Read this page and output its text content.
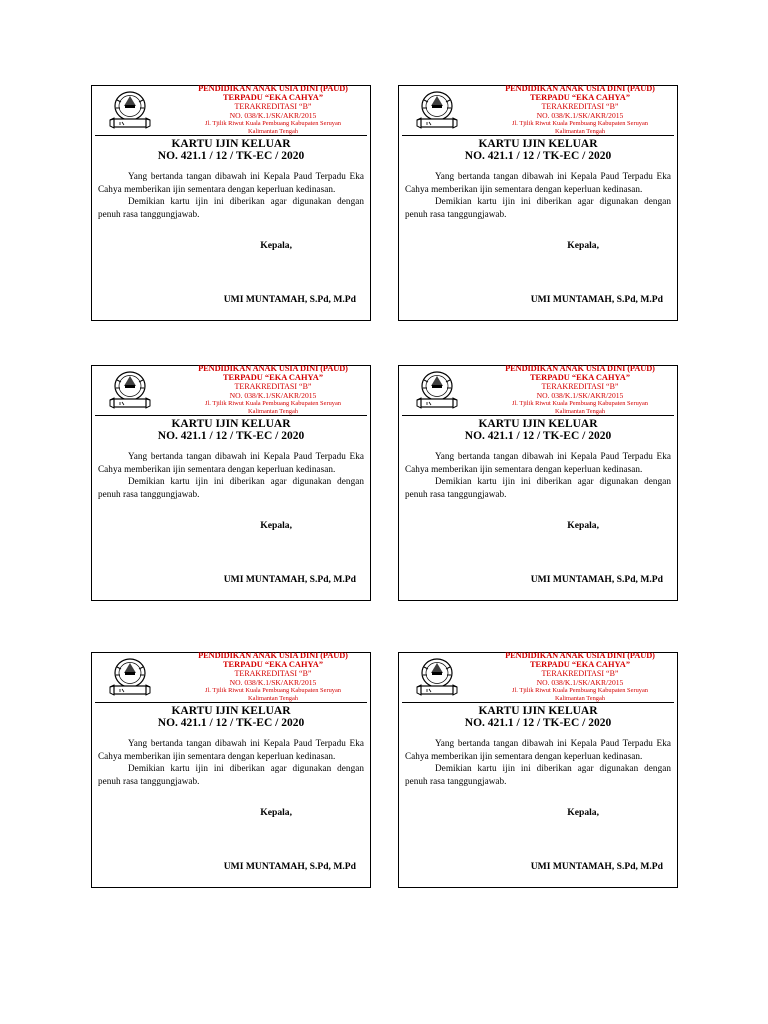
PENDIDIKAN ANAK USIA DINI (PAUD)
TERPADU “EKA CAHYA”
TERAKREDITASI “B”
NO. 038/K.1/SK/AKR/2015
Jl. Tjilik Riwut Kuala Pembuang Kabupaten Seruyan
Kalimantan Tengah
KARTU IJIN KELUAR
NO. 421.1 / 12 / TK-EC / 2020

Yang bertanda tangan dibawah ini Kepala Paud Terpadu Eka Cahya memberikan ijin sementara dengan keperluan kedinasan.

Demikian kartu ijin ini diberikan agar digunakan dengan penuh rasa tanggungjawab.

Kepala,
UMI MUNTAMAH, S.Pd, M.Pd
PENDIDIKAN ANAK USIA DINI (PAUD)
TERPADU “EKA CAHYA”
TERAKREDITASI “B”
NO. 038/K.1/SK/AKR/2015
Jl. Tjilik Riwut Kuala Pembuang Kabupaten Seruyan
Kalimantan Tengah
KARTU IJIN KELUAR
NO. 421.1 / 12 / TK-EC / 2020

Yang bertanda tangan dibawah ini Kepala Paud Terpadu Eka Cahya memberikan ijin sementara dengan keperluan kedinasan.

Demikian kartu ijin ini diberikan agar digunakan dengan penuh rasa tanggungjawab.

Kepala,
UMI MUNTAMAH, S.Pd, M.Pd
PENDIDIKAN ANAK USIA DINI (PAUD)
TERPADU “EKA CAHYA”
TERAKREDITASI “B”
NO. 038/K.1/SK/AKR/2015
Jl. Tjilik Riwut Kuala Pembuang Kabupaten Seruyan
Kalimantan Tengah
KARTU IJIN KELUAR
NO. 421.1 / 12 / TK-EC / 2020

Yang bertanda tangan dibawah ini Kepala Paud Terpadu Eka Cahya memberikan ijin sementara dengan keperluan kedinasan.

Demikian kartu ijin ini diberikan agar digunakan dengan penuh rasa tanggungjawab.

Kepala,
UMI MUNTAMAH, S.Pd, M.Pd
PENDIDIKAN ANAK USIA DINI (PAUD)
TERPADU “EKA CAHYA”
TERAKREDITASI “B”
NO. 038/K.1/SK/AKR/2015
Jl. Tjilik Riwut Kuala Pembuang Kabupaten Seruyan
Kalimantan Tengah
KARTU IJIN KELUAR
NO. 421.1 / 12 / TK-EC / 2020

Yang bertanda tangan dibawah ini Kepala Paud Terpadu Eka Cahya memberikan ijin sementara dengan keperluan kedinasan.

Demikian kartu ijin ini diberikan agar digunakan dengan penuh rasa tanggungjawab.

Kepala,
UMI MUNTAMAH, S.Pd, M.Pd
PENDIDIKAN ANAK USIA DINI (PAUD)
TERPADU “EKA CAHYA”
TERAKREDITASI “B”
NO. 038/K.1/SK/AKR/2015
Jl. Tjilik Riwut Kuala Pembuang Kabupaten Seruyan
Kalimantan Tengah
KARTU IJIN KELUAR
NO. 421.1 / 12 / TK-EC / 2020

Yang bertanda tangan dibawah ini Kepala Paud Terpadu Eka Cahya memberikan ijin sementara dengan keperluan kedinasan.

Demikian kartu ijin ini diberikan agar digunakan dengan penuh rasa tanggungjawab.

Kepala,
UMI MUNTAMAH, S.Pd, M.Pd
PENDIDIKAN ANAK USIA DINI (PAUD)
TERPADU “EKA CAHYA”
TERAKREDITASI “B”
NO. 038/K.1/SK/AKR/2015
Jl. Tjilik Riwut Kuala Pembuang Kabupaten Seruyan
Kalimantan Tengah
KARTU IJIN KELUAR
NO. 421.1 / 12 / TK-EC / 2020

Yang bertanda tangan dibawah ini Kepala Paud Terpadu Eka Cahya memberikan ijin sementara dengan keperluan kedinasan.

Demikian kartu ijin ini diberikan agar digunakan dengan penuh rasa tanggungjawab.

Kepala,
UMI MUNTAMAH, S.Pd, M.Pd
